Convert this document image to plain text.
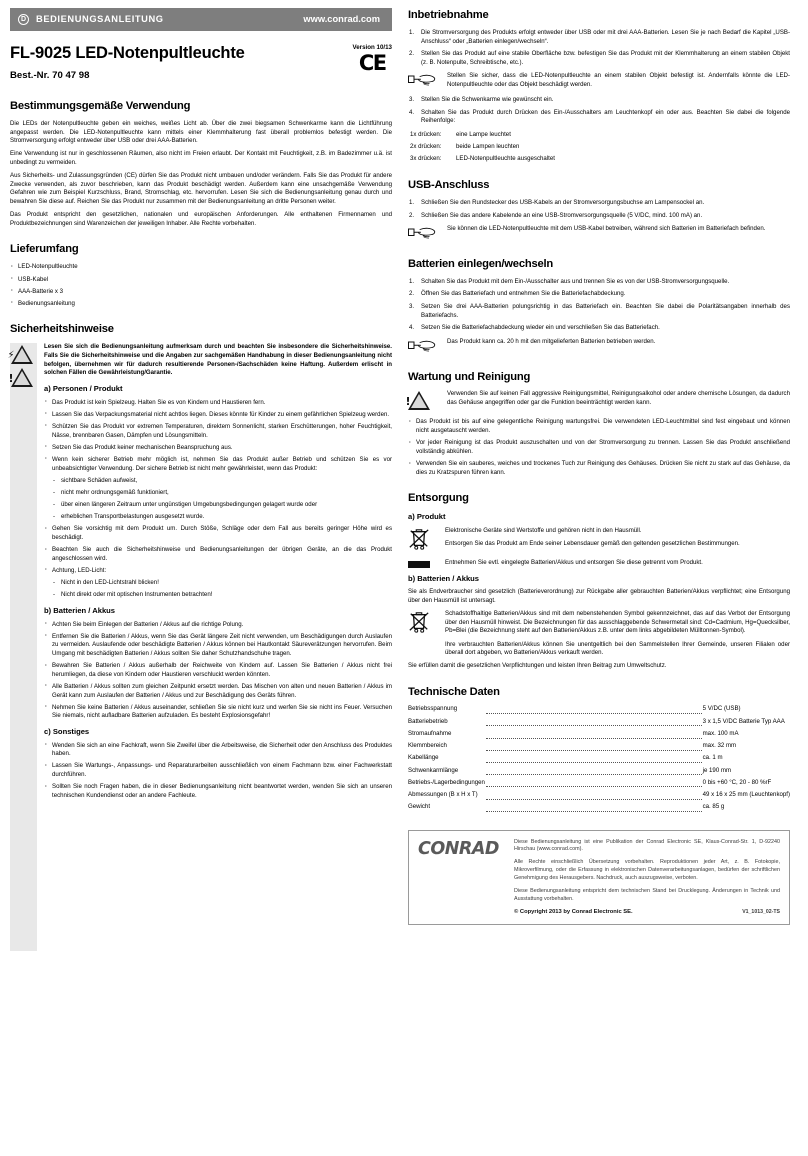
D	BEDIENUNGSANLEITUNG	www.conrad.com
FL-9025 LED-Notenpultleuchte

Best.-Nr. 70 47 98

Version 10/13
CE
Bestimmungsgemäße Verwendung

Die LEDs der Notenpultleuchte geben ein weiches, weißes Licht ab. Über die zwei biegsamen Schwenkarme kann die Lichtführung angepasst werden. Die LED-Notenpultleuchte kann mittels einer Klemmhalterung fast überall problemlos befestigt werden. Die Stromversorgung erfolgt entweder über USB oder drei AAA-Batterien.

Eine Verwendung ist nur in geschlossenen Räumen, also nicht im Freien erlaubt. Der Kontakt mit Feuchtigkeit, z.B. im Badezimmer u.ä. ist unbedingt zu vermeiden.

Aus Sicherheits- und Zulassungsgründen (CE) dürfen Sie das Produkt nicht umbauen und/oder verändern. Falls Sie das Produkt für andere Zwecke verwenden, als zuvor beschrieben, kann das Produkt beschädigt werden. Außerdem kann eine unsachgemäße Verwendung Gefahren wie zum Beispiel Kurzschluss, Brand, Stromschlag, etc. hervorrufen. Lesen Sie sich die Bedienungsanleitung genau durch und bewahren Sie diese auf. Reichen Sie das Produkt nur zusammen mit der Bedienungsanleitung an dritte Personen weiter.

Das Produkt entspricht den gesetzlichen, nationalen und europäischen Anforderungen. Alle enthaltenen Firmennamen und Produktbezeichnungen sind Warenzeichen der jeweiligen Inhaber. Alle Rechte vorbehalten.

Lieferumfang
· LED-Notenpultleuchte
· USB-Kabel
· AAA-Batterie x 3
· Bedienungsanleitung
Sicherheitshinweise
⚡
!
Lesen Sie sich die Bedienungsanleitung aufmerksam durch und beachten Sie insbesondere die Sicherheitshinweise. Falls Sie die Sicherheitshinweise und die Angaben zur sachgemäßen Handhabung in dieser Bedienungsanleitung nicht befolgen, übernehmen wir für dadurch resultierende Personen-/Sachschäden keine Haftung. Außerdem erlischt in solchen Fällen die Gewährleistung/Garantie.
a) Personen / Produkt
· Das Produkt ist kein Spielzeug. Halten Sie es von Kindern und Haustieren fern.
· Lassen Sie das Verpackungsmaterial nicht achtlos liegen. Dieses könnte für Kinder zu einem gefährlichen Spielzeug werden.
· Schützen Sie das Produkt vor extremen Temperaturen, direktem Sonnenlicht, starken Erschütterungen, hoher Feuchtigkeit, Nässe, brennbaren Gasen, Dämpfen und Lösungsmitteln.
· Setzen Sie das Produkt keiner mechanischen Beanspruchung aus.
· Wenn kein sicherer Betrieb mehr möglich ist, nehmen Sie das Produkt außer Betrieb und schützen Sie es vor unbeabsichtigter Verwendung. Der sichere Betrieb ist nicht mehr gewährleistet, wenn das Produkt:
- sichtbare Schäden aufweist,
- nicht mehr ordnungsgemäß funktioniert,
- über einen längeren Zeitraum unter ungünstigen Umgebungsbedingungen gelagert wurde oder
- erheblichen Transportbelastungen ausgesetzt wurde.
· Gehen Sie vorsichtig mit dem Produkt um. Durch Stöße, Schläge oder dem Fall aus bereits geringer Höhe wird es beschädigt.
· Beachten Sie auch die Sicherheitshinweise und Bedienungsanleitungen der übrigen Geräte, an die das Produkt angeschlossen wird.
· Achtung, LED-Licht:
- Nicht in den LED-Lichtstrahl blicken!
- Nicht direkt oder mit optischen Instrumenten betrachten!
b) Batterien / Akkus
· Achten Sie beim Einlegen der Batterien / Akkus auf die richtige Polung.
· Entfernen Sie die Batterien / Akkus, wenn Sie das Gerät längere Zeit nicht verwenden, um Beschädigungen durch Auslaufen zu vermeiden. Auslaufende oder beschädigte Batterien / Akkus können bei Hautkontakt Säureverätzungen hervorrufen. Beim Umgang mit beschädigten Batterien / Akkus sollten Sie daher Schutzhandschuhe tragen.
· Bewahren Sie Batterien / Akkus außerhalb der Reichweite von Kindern auf. Lassen Sie Batterien / Akkus nicht frei herumliegen, da diese von Kindern oder Haustieren verschluckt werden könnten.
· Alle Batterien / Akkus sollten zum gleichen Zeitpunkt ersetzt werden. Das Mischen von alten und neuen Batterien / Akkus im Gerät kann zum Auslaufen der Batterien / Akkus und zur Beschädigung des Geräts führen.
· Nehmen Sie keine Batterien / Akkus auseinander, schließen Sie sie nicht kurz und werfen Sie sie nicht ins Feuer. Versuchen Sie niemals, nicht aufladbare Batterien aufzuladen. Es besteht Explosionsgefahr!
c) Sonstiges
· Wenden Sie sich an eine Fachkraft, wenn Sie Zweifel über die Arbeitsweise, die Sicherheit oder den Anschluss des Produktes haben.
· Lassen Sie Wartungs-, Anpassungs- und Reparaturarbeiten ausschließlich von einem Fachmann bzw. einer Fachwerkstatt durchführen.
· Sollten Sie noch Fragen haben, die in dieser Bedienungsanleitung nicht beantwortet werden, wenden Sie sich an unseren technischen Kundendienst oder an andere Fachleute.
Inbetriebnahme
Die Stromversorgung des Produkts erfolgt entweder über USB oder mit drei AAA-Batterien. Lesen Sie je nach Bedarf die Kapitel „USB-Anschluss“ oder „Batterien einlegen/wechseln“.
Stellen Sie das Produkt auf eine stabile Oberfläche bzw. befestigen Sie das Produkt mit der Klemmhalterung an einem stabilen Objekt (z. B. Notenpulte, Schreibtische, etc.).
Stellen Sie sicher, dass die LED-Notenpultleuchte an einem stabilen Objekt befestigt ist. Andernfalls könnte die LED-Notenpultleuchte oder das Objekt beschädigt werden.
Stellen Sie die Schwenkarme wie gewünscht ein.
Schalten Sie das Produkt durch Drücken des Ein-/Ausschalters am Leuchtenkopf ein oder aus. Beachten Sie dabei die folgende Reihenfolge:
1x drücken: eine Lampe leuchtet
2x drücken: beide Lampen leuchten
3x drücken: LED-Notenpultleuchte ausgeschaltet
USB-Anschluss
Schließen Sie den Rundstecker des USB-Kabels an der Stromversorgungsbuchse am Lampensockel an.
Schließen Sie das andere Kabelende an eine USB-Stromversorgungsquelle (5 V/DC, mind. 100 mA) an.
Sie können die LED-Notenpultleuchte mit dem USB-Kabel betreiben, während sich Batterien im Batteriefach befinden.
Batterien einlegen/wechseln
Schalten Sie das Produkt mit dem Ein-/Ausschalter aus und trennen Sie es von der USB-Stromversorgungsquelle.
Öffnen Sie das Batteriefach und entnehmen Sie die Batteriefachabdeckung.
Setzen Sie drei AAA-Batterien polungsrichtig in das Batteriefach ein. Beachten Sie dabei die Polaritätsangaben innerhalb des Batteriefachs.
Setzen Sie die Batteriefachabdeckung wieder ein und verschließen Sie das Batteriefach.
Das Produkt kann ca. 20 h mit den mitgelieferten Batterien betrieben werden.
Wartung und Reinigung
!
Verwenden Sie auf keinen Fall aggressive Reinigungsmittel, Reinigungsalkohol oder andere chemische Lösungen, da dadurch das Gehäuse angegriffen oder gar die Funktion beeinträchtigt werden kann.
· Das Produkt ist bis auf eine gelegentliche Reinigung wartungsfrei. Die verwendeten LED-Leuchtmittel sind fest eingebaut und können nicht ausgetauscht werden.
· Vor jeder Reinigung ist das Produkt auszuschalten und von der Stromversorgung zu trennen. Lassen Sie das Produkt anschließend vollständig abkühlen.
· Verwenden Sie ein sauberes, weiches und trockenes Tuch zur Reinigung des Gehäuses. Drücken Sie nicht zu stark auf das Gehäuse, da dies zu Kratzspuren führen kann.
Entsorgung
a) Produkt

Elektronische Geräte sind Wertstoffe und gehören nicht in den Hausmüll.

Entsorgen Sie das Produkt am Ende seiner Lebensdauer gemäß den geltenden gesetzlichen Bestimmungen.

Entnehmen Sie evtl. eingelegte Batterien/Akkus und entsorgen Sie diese getrennt vom Produkt.
b) Batterien / Akkus

Sie als Endverbraucher sind gesetzlich (Batterieverordnung) zur Rückgabe aller gebrauchten Batterien/Akkus verpflichtet; eine Entsorgung über den Hausmüll ist untersagt.

Schadstoffhaltige Batterien/Akkus sind mit dem nebenstehenden Symbol gekennzeichnet, das auf das Verbot der Entsorgung über den Hausmüll hinweist. Die Bezeichnungen für das ausschlaggebende Schwermetall sind: Cd=Cadmium, Hg=Quecksilber, Pb=Blei (die Bezeichnung steht auf den Batterien/Akkus z.B. unter dem links abgebildeten Mülltonnen-Symbol).

Ihre verbrauchten Batterien/Akkus können Sie unentgeltlich bei den Sammelstellen Ihrer Gemeinde, unseren Filialen oder überall dort abgeben, wo Batterien/Akkus verkauft werden.

Sie erfüllen damit die gesetzlichen Verpflichtungen und leisten Ihren Beitrag zum Umweltschutz.

Technische Daten
Betriebsspannung		5 V/DC (USB)
Batteriebetrieb		3 x 1,5 V/DC Batterie Typ AAA
Stromaufnahme		max. 100 mA
Klemmbereich		max. 32 mm
Kabellänge		ca. 1 m
Schwenkarmlänge		je 190 mm
Betriebs-/Lagerbedingungen		0 bis +60 °C, 20 - 80 %rF
Abmessungen (B x H x T)		49 x 16 x 25 mm (Leuchtenkopf)
Gewicht		ca. 85 g
CONRAD	Diese Bedienungsanleitung ist eine Publikation der Conrad Electronic SE, Klaus-Conrad-Str. 1, D-92240 Hirschau (www.conrad.com).

Alle Rechte einschließlich Übersetzung vorbehalten. Reproduktionen jeder Art, z. B. Fotokopie, Mikroverfilmung, oder die Erfassung in elektronischen Datenverarbeitungsanlagen, bedürfen der schriftlichen Genehmigung des Herausgebers. Nachdruck, auch auszugsweise, verboten.

Diese Bedienungsanleitung entspricht dem technischen Stand bei Drucklegung. Änderungen in Technik und Ausstattung vorbehalten.

© Copyright 2013 by Conrad Electronic SE.	V1_1013_02-TS
